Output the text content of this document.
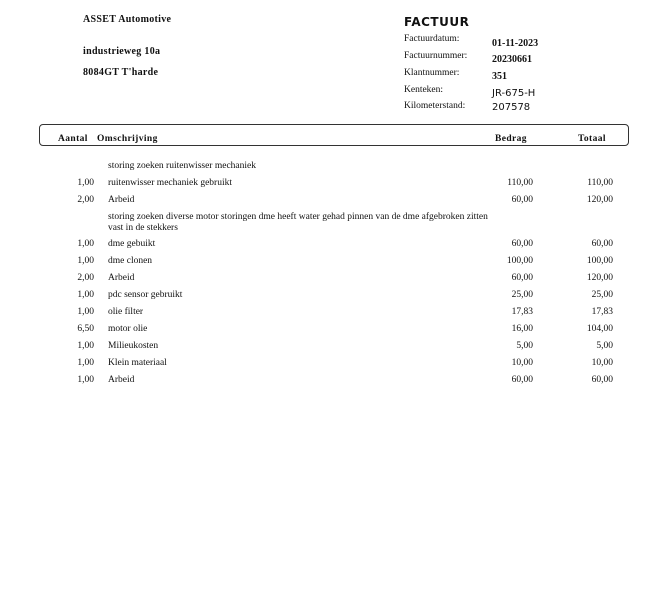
ASSET Automotive
industrieweg 10a
8084GT T'harde
FACTUUR
Factuurdatum:	01-11-2023
Factuurnummer: 20230661
Klantnummer:	351
Kenteken:	JR-675-H
Kilometerstand:	207578
Aantal Omschrijving	Bedrag	Totaal
storing zoeken ruitenwisser mechaniek
1,00 ruitenwisser mechaniek gebruikt	110,00	110,00
2,00 Arbeid	60,00	120,00
storing zoeken diverse motor storingen dme heeft water gehad pinnen van de dme afgebroken zitten vast in de stekkers
1,00 dme gebuikt	60,00	60,00
1,00 dme clonen	100,00	100,00
2,00 Arbeid	60,00	120,00
1,00 pdc sensor gebruikt	25,00	25,00
1,00 olie filter	17,83	17,83
6,50 motor olie	16,00	104,00
1,00 Milieukosten	5,00	5,00
1,00 Klein materiaal	10,00	10,00
1,00 Arbeid	60,00	60,00
